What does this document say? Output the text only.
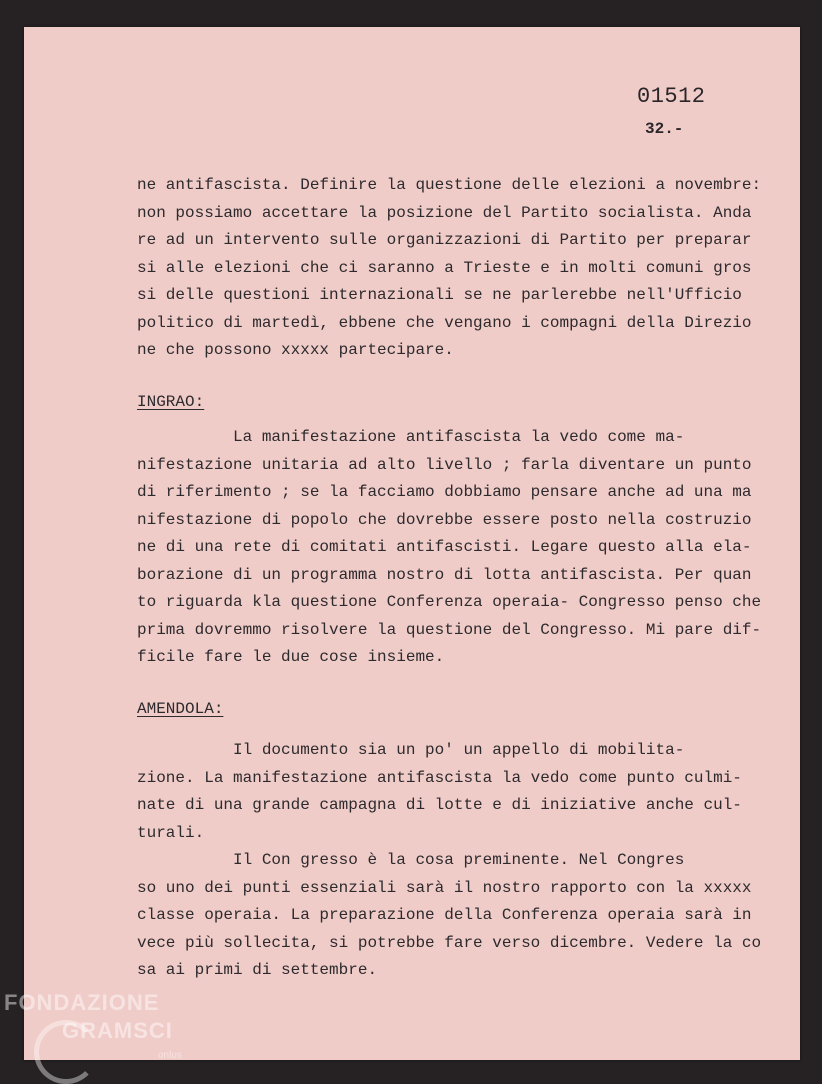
01512

32.-

ne antifascista. Definire la questione delle elezioni a novembre:
non possiamo accettare la posizione del Partito socialista. Anda
re ad un intervento sulle organizzazioni di Partito per preparar
si alle elezioni che ci saranno a Trieste e in molti comuni gros
si delle questioni internazionali se ne parlerebbe nell'Ufficio
politico di martedì, ebbene che vengano i compagni della Direzio
ne che possono xxxxx partecipare.
INGRAO:
La manifestazione antifascista la vedo come ma-
nifestazione unitaria ad alto livello ; farla diventare un punto
di riferimento ; se la facciamo dobbiamo pensare anche ad una ma
nifestazione di popolo che dovrebbe essere posto nella costruzio
ne di una rete di comitati antifascisti. Legare questo alla ela-
borazione di un programma nostro di lotta antifascista. Per quan
to riguarda kla questione Conferenza operaia- Congresso penso che
prima dovremmo risolvere la questione del Congresso. Mi pare dif-
ficile fare le due cose insieme.
AMENDOLA:
Il documento sia un po' un appello di mobilita-
zione. La manifestazione antifascista la vedo come punto culmi-
nate di una grande campagna di lotte e di iniziative anche cul-
turali.
Il Con gresso è la cosa preminente. Nel Congres
so uno dei punti essenziali sarà il nostro rapporto con la xxxxx
classe operaia. La preparazione della Conferenza operaia sarà in
vece più sollecita, si potrebbe fare verso dicembre. Vedere la co
sa ai primi di settembre.
FONDAZIONE
GRAMSCI
onlus
